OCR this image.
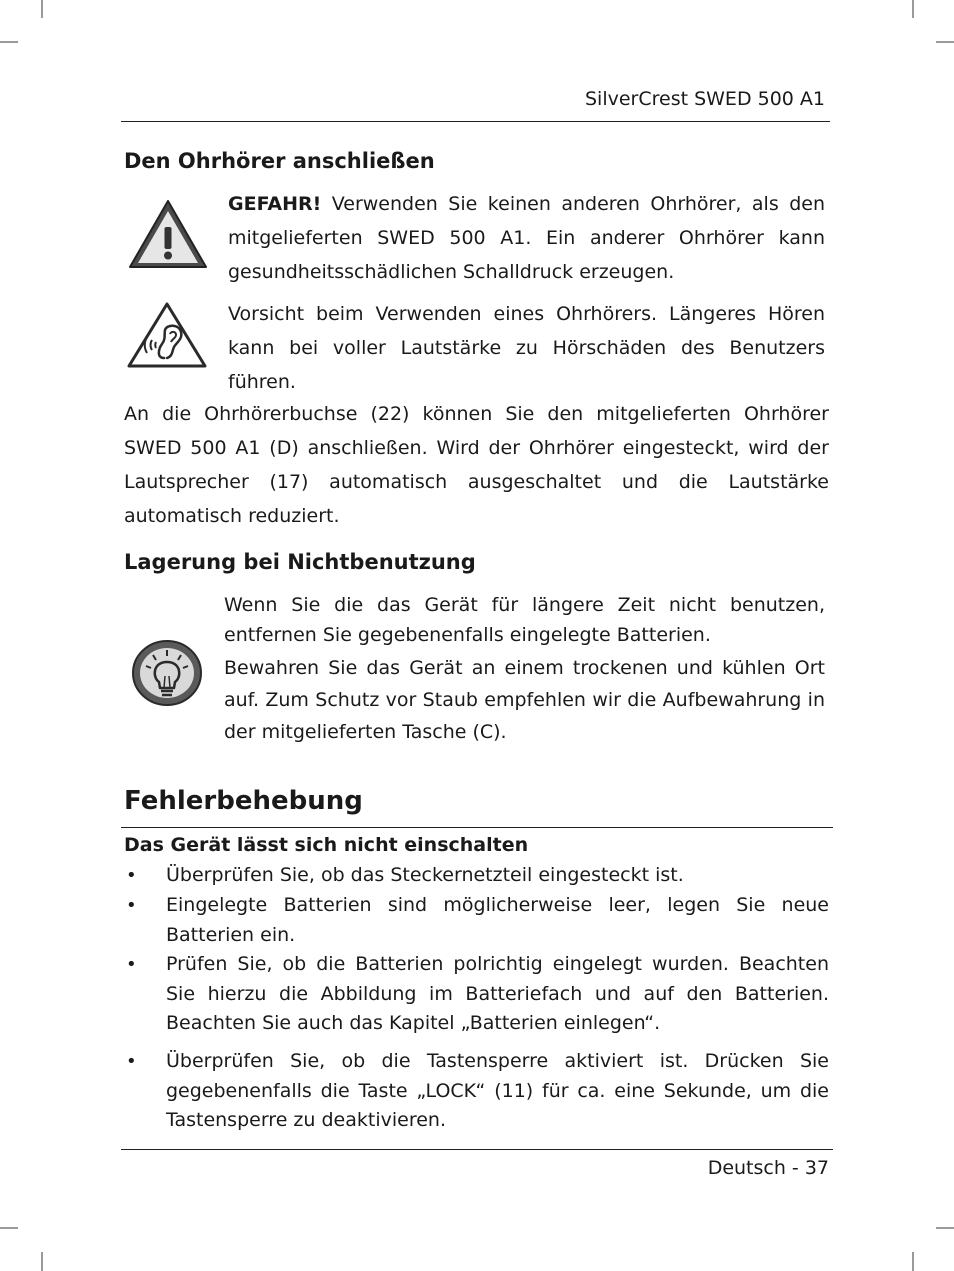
SilverCrest SWED 500 A1
Den Ohrhörer anschließen
GEFAHR! Verwenden Sie keinen anderen Ohrhörer, als den mitgelieferten SWED 500 A1. Ein anderer Ohrhörer kann gesundheitsschädlichen Schalldruck erzeugen.
Vorsicht beim Verwenden eines Ohrhörers. Längeres Hören kann bei voller Lautstärke zu Hörschäden des Benutzers führen.
An die Ohrhörerbuchse (22) können Sie den mitgelieferten Ohrhörer SWED 500 A1 (D) anschließen. Wird der Ohrhörer eingesteckt, wird der Lautsprecher (17) automatisch ausgeschaltet und die Lautstärke automatisch reduziert.
Lagerung bei Nichtbenutzung
Wenn Sie die das Gerät für längere Zeit nicht benutzen, entfernen Sie gegebenenfalls eingelegte Batterien.
Bewahren Sie das Gerät an einem trockenen und kühlen Ort auf. Zum Schutz vor Staub empfehlen wir die Aufbewahrung in der mitgelieferten Tasche (C).
Fehlerbehebung
Das Gerät lässt sich nicht einschalten
• Überprüfen Sie, ob das Steckernetzteil eingesteckt ist.
• Eingelegte Batterien sind möglicherweise leer, legen Sie neue Batterien ein.
• Prüfen Sie, ob die Batterien polrichtig eingelegt wurden. Beachten Sie hierzu die Abbildung im Batteriefach und auf den Batterien. Beachten Sie auch das Kapitel „Batterien einlegen“.
• Überprüfen Sie, ob die Tastensperre aktiviert ist. Drücken Sie gegebenenfalls die Taste „LOCK“ (11) für ca. eine Sekunde, um die Tastensperre zu deaktivieren.
Deutsch - 37
